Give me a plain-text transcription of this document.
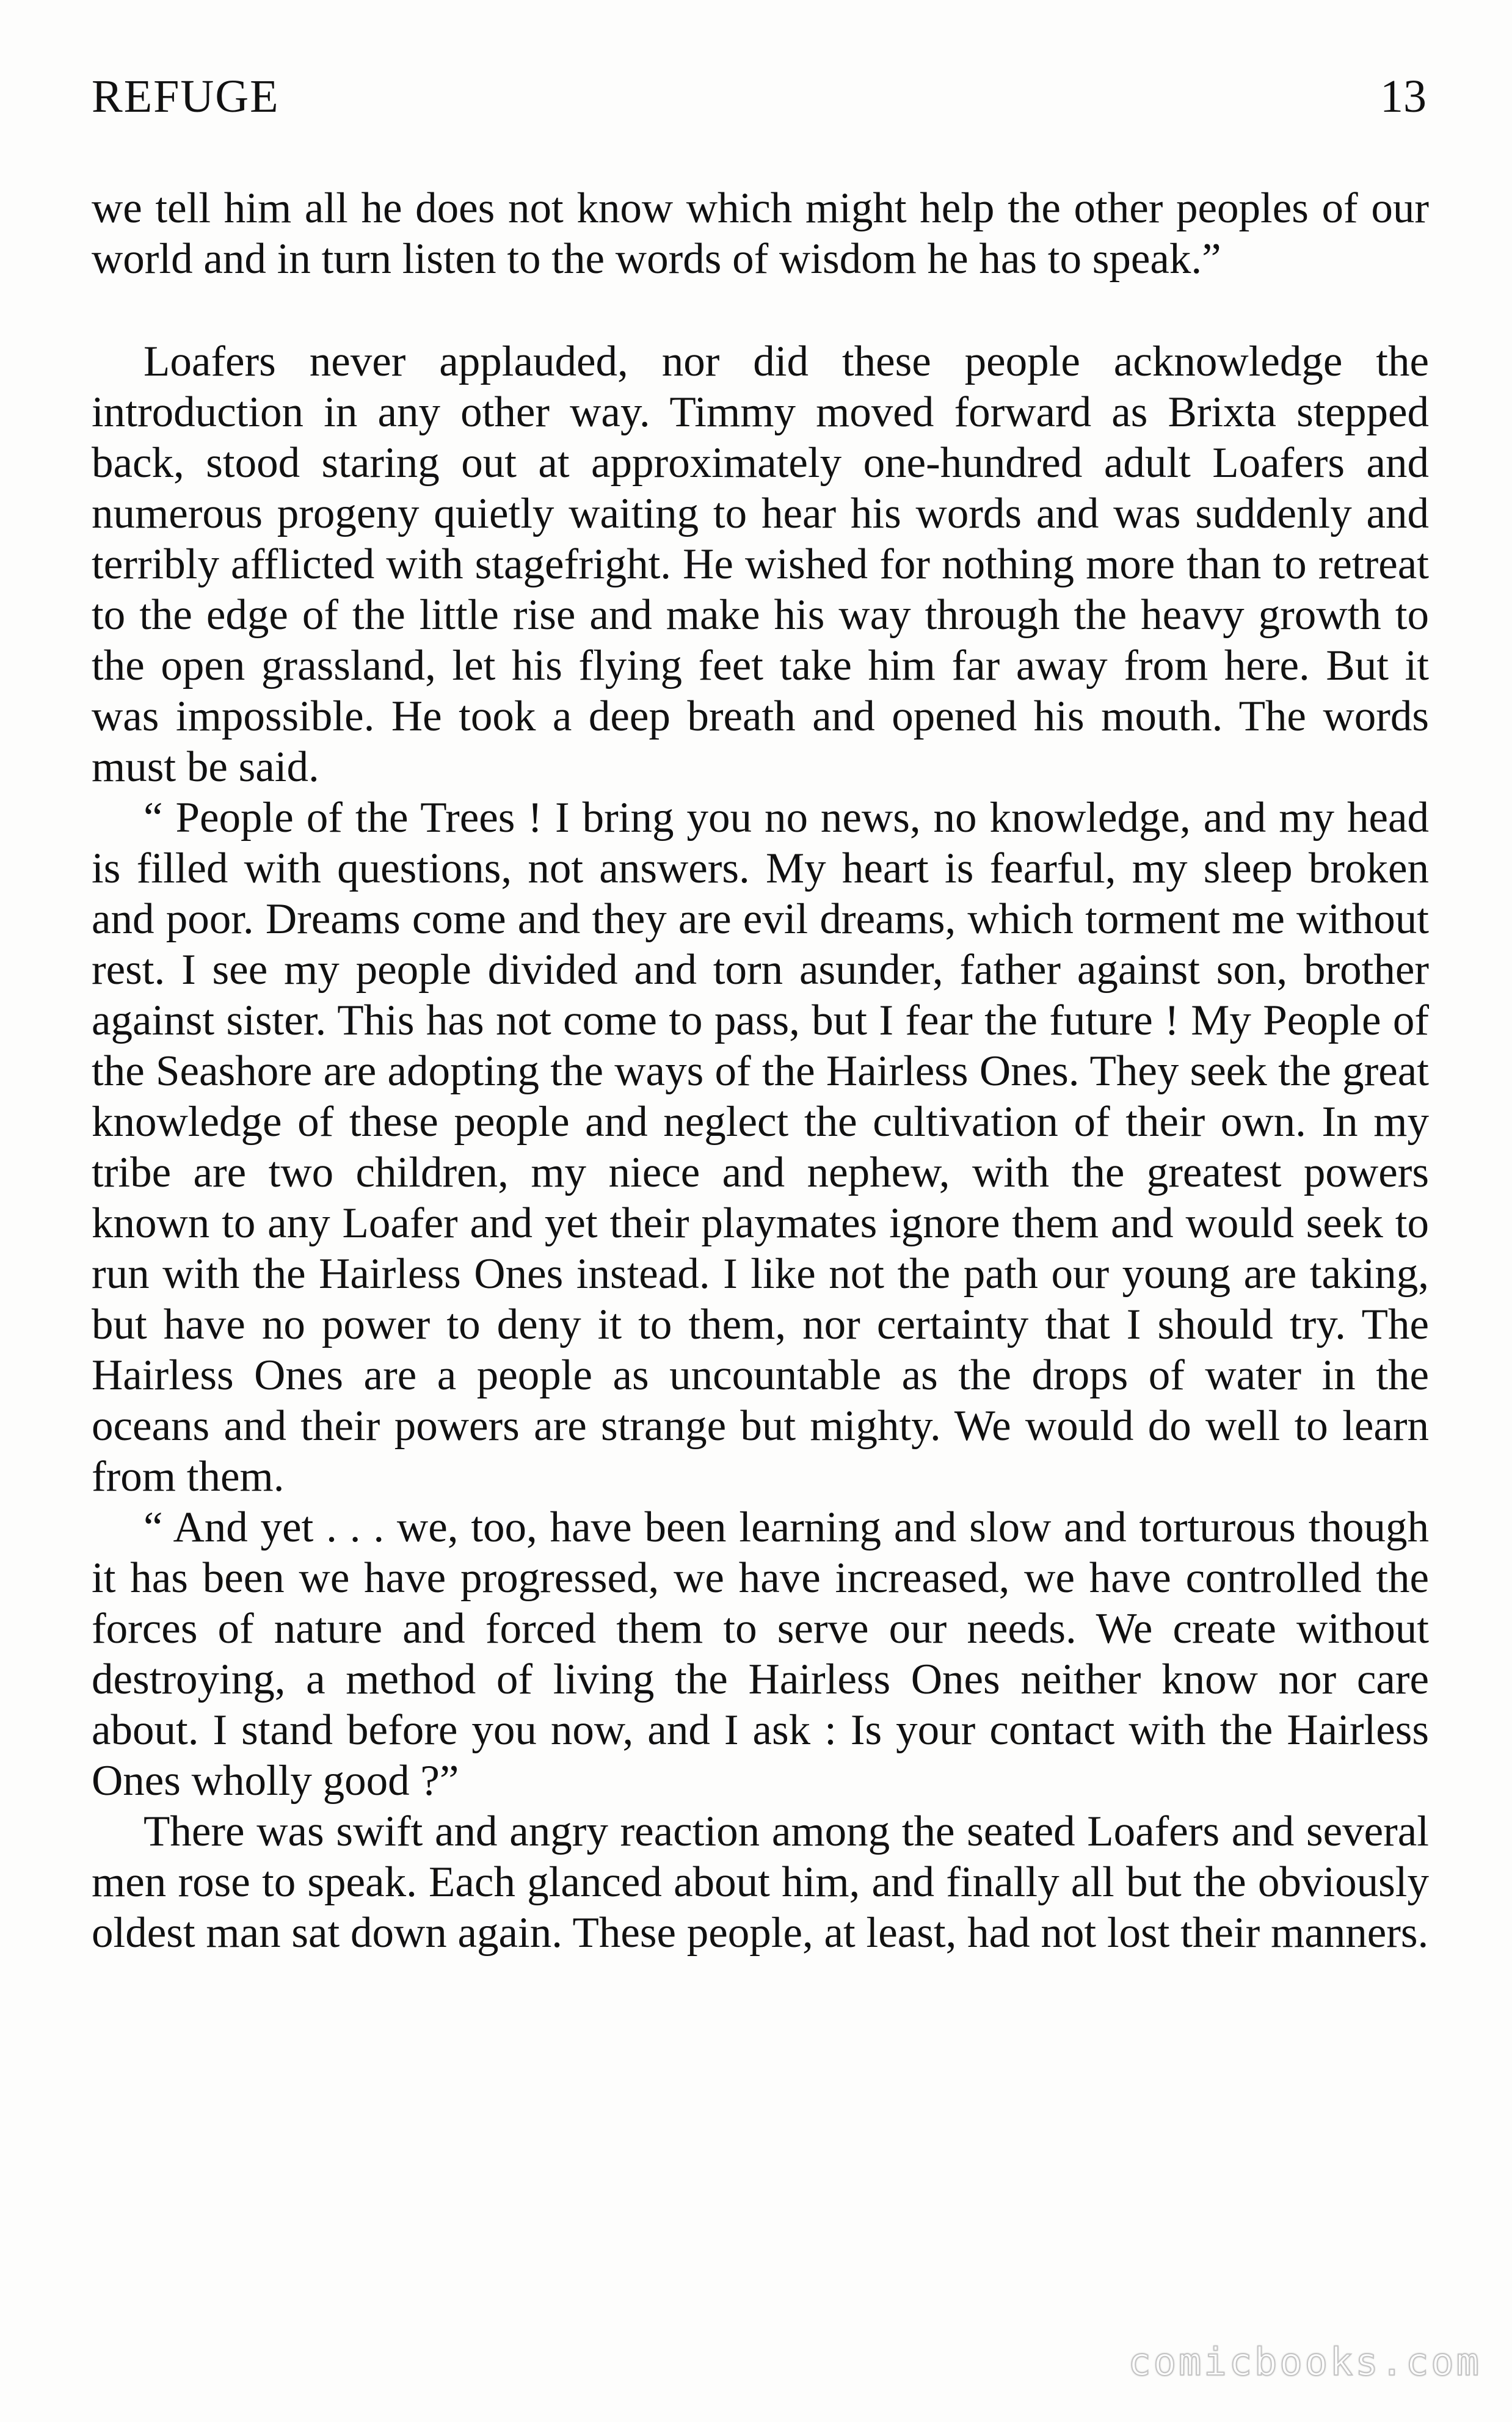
REFUGE	13

we tell him all he does not know which might help the other peoples of our world and in turn listen to the words of wisdom he has to speak.”

Loafers never applauded, nor did these people acknowledge the introduction in any other way. Timmy moved forward as Brixta stepped back, stood staring out at approximately one-hundred adult Loafers and numerous progeny quietly waiting to hear his words and was suddenly and terribly afflicted with stagefright. He wished for nothing more than to retreat to the edge of the little rise and make his way through the heavy growth to the open grassland, let his flying feet take him far away from here. But it was impossible. He took a deep breath and opened his mouth. The words must be said.

“ People of the Trees ! I bring you no news, no knowledge, and my head is filled with questions, not answers. My heart is fearful, my sleep broken and poor. Dreams come and they are evil dreams, which torment me without rest. I see my people divided and torn asunder, father against son, brother against sister. This has not come to pass, but I fear the future ! My People of the Seashore are adopting the ways of the Hairless Ones. They seek the great knowledge of these people and neglect the cultivation of their own. In my tribe are two children, my niece and nephew, with the greatest powers known to any Loafer and yet their playmates ignore them and would seek to run with the Hairless Ones instead. I like not the path our young are taking, but have no power to deny it to them, nor certainty that I should try. The Hairless Ones are a people as uncountable as the drops of water in the oceans and their powers are strange but mighty. We would do well to learn from them.

“ And yet . . . we, too, have been learning and slow and torturous though it has been we have progressed, we have increased, we have controlled the forces of nature and forced them to serve our needs. We create without destroying, a method of living the Hairless Ones neither know nor care about. I stand before you now, and I ask : Is your contact with the Hairless Ones wholly good ?”

There was swift and angry reaction among the seated Loafers and several men rose to speak. Each glanced about him, and finally all but the obviously oldest man sat down again. These people, at least, had not lost their manners.

comicbooks.com
